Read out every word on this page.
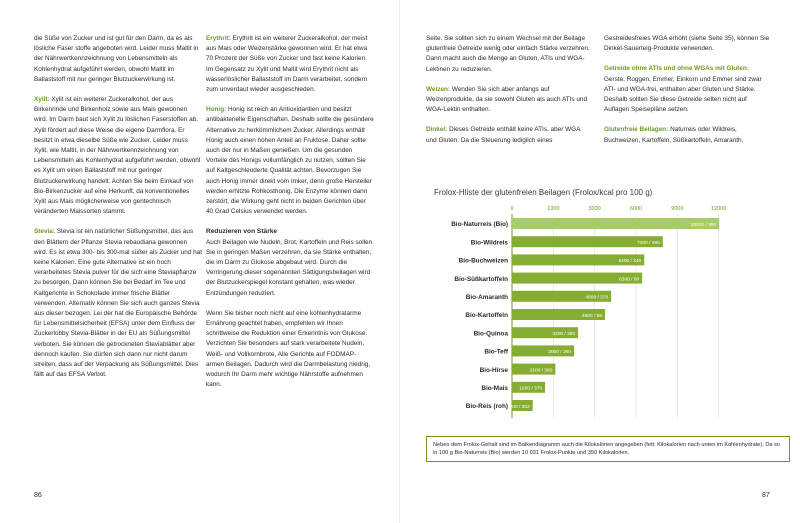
die Süße von Zucker und ist gut für den Darm, da es als lösliche Faser stoffe angeboten wird. Leider muss Maltit in der Nährwertkennzeichnung von Lebensmitteln als Kohlenhydrat aufgeführt werden, obwohl Maltit im Ballaststoff mit nur geringer Blutzuckerwirkung ist.

Xylit: Xylit ist ein weiterer Zuckeralkohol, der aus Birkenrinde und Birkenholz sowie aus Mais gewonnen wird. Im Darm baut sich Xylit zu löslichen Faserstoffen ab. Xylit fördert auf diese Weise die eigene Darmflora. Er besitzt in etwa dieselbe Süße wie Zucker. Leider muss Xylit, wie Maltit, in der Nährwertkennzeichnung von Lebensmitteln als Kohlenhydrat aufgeführt werden, obwohl es Xylit um einen Ballaststoff mit nur geringer Blutzuckerwirkung handelt. Achten Sie beim Einkauf von Bio-Birkenzucker auf eine Herkunft, da konventionelles Xylit aus Mais möglicherweise von gentechnisch veränderten Maissorten stammt.

Stevia: Stevia ist ein natürlicher Süßungsmittel, das aus den Blättern der Pflanze Stevia rebaudiana gewonnen wird. Es ist etwa 300- bis 300-mal süßer als Zucker und hat keine Kalorien. Eine gute Alternative ist ein hoch verarbeitetes Stevia pulver für die sich eine Steviapflanze zu besorgen. Dann können Sie bei Bedarf im Tee und Kaltgerichte in Schokolade immer frische Blätter verwenden. Alternativ können Sie sich auch ganzes Stevia aus dieser bezogen. Lei der hat die Europäische Behörde für Lebensmittelsicherheit (EFSA) unter dem Einfluss der Zuckerlobby Stevia-Blätter in der EU als Süßungsmittel verboten. Sie können die getrockneten Steviablätter aber dennoch kaufen. Sie dürfen sich dann nur nicht darum streiten, dass auf der Verpackung als Süßungsmittel. Dies fällt auf das EFSA Verbot.

Erythrit: Erythrit ist ein weiterer Zuckeralkohol, der meist aus Mais oder Weizenstärke gewonnen wird. Er hat etwa 70 Prozent der Süße von Zucker und fast keine Kalorien. Im Gegensatz zu Xylit und Maltit wird Erythrit nicht als wasserlöslicher Ballaststoff im Darm verarbeitet, sondern zum unverdaut wieder ausgeschieden.

Honig: Honig ist reich an Antioxidantien und besitzt antibakterielle Eigenschaften. Deshalb sollte die gesündere Alternative zu herkömmlichem Zucker. Allerdings enthält Honig auch einen hohen Anteil an Fruktose. Daher sollte auch der nur in Maßen genießen. Um die gesunden Vorteile des Honigs vollumfänglich zu nutzen, sollten Sie auf Kaltgeschleuderte Qualität achten. Bevorzugen Sie auch Honig immer direkt vom Imker, denn große Hersteller werden erhitzte Rohkosthonig. Die Enzyme können dann zerstört, die Wirkung geht nicht in beiden Gerichten über 40 Grad Celsius verwendet werden.

Reduzieren von Stärke

Auch Beilagen wie Nudeln, Brot, Kartoffeln und Reis sollen Sie in geringen Maßen verzehren, da sie Stärke enthalten, die im Darm zu Glukose abgebaut wird. Durch die Verringerung dieser sogenannten Sättigungsbeilagen wird der Blutzuckerspiegel konstant gehalten, was wieder Entzündungen reduziert.

Wenn Sie bisher noch nicht auf eine kohlenhydratarme Ernährung geachtet haben, empfehlen wir Ihnen schrittweise die Reduktion einer Erkenntnis von Glukose. Verzichten Sie besonders auf stark verarbeitete Nudeln, Weiß- und Vollkornbrote, Alle Gerichte auf FODMAP-armen Beilagen. Dadurch wird die Darmbelastung niedrig, wodurch Ihr Darm mehr wichtige Nährstoffe aufnehmen kann.

86

Seite. Sie sollten sich zu einem Wechsel mit der Beilage glutenfreie Getreide wenig oder einfach Stärke verzehren. Dann macht auch die Menge an Gluten, ATIs und WGA-Lektinen zu reduzieren.

Weizen: Wenden Sie sich aber anfangs auf Weizenprodukte, da sie sowohl Gluten als auch ATIs und WGA-Lektin enthalten.

Dinkel: Dieses Getreide enthält keine ATIs, aber WGA und Gluten. Da die Steuerung lediglich eines

Gestreidesfreies WGA erhöht (siehe Seite 35), können Sie Dinkel-Sauerteig-Produkte verwenden.

Getreide ohne ATIs und ohne WGAs mit Gluten: Gerste, Roggen, Emmer, Einkorn und Emmer sind zwar ATI- und WGA-frei, enthalten aber Gluten und Stärke. Deshalb sollten Sie diese Getreide selten nicht auf Auflagen Speisepläne setzen.

Glutenfreie Beilagen: Naturreis oder Wildreis, Buchweizen, Kartoffeln, Süßkartoffeln, Amaranth,

Frolox-Hliste der glutenfreien Beilagen (Frolox/kcal pro 100 g)
0	1000	3000	6000	9000	12000
Bio-Naturreis (Bio)	10031 / 350
Bio-Wildreis	7300 / 360
Bio-Buchweizen	6400 / 340
Bio-Süßkartoffeln	6300 / 80
Bio-Amaranth	4800 / 370
Bio-Kartoffeln	4500 / 68
Bio-Quinoa	3200 / 360
Bio-Teff	3000 / 360
Bio-Hirse	2100 / 360
Bio-Mais 1600 / 370
Bio-Reis (roh) 200 / 353
Neben dem Frolox-Gehalt sind im Balkendiagramm auch die Kilokalorien angegeben (fett: Kilokalorien nach unten im Kohlenhydrate). Da so in 100 g Bio-Naturreis (Bio) werden 10 031 Frolox-Punkte und 350 Kilokalorien.
87
